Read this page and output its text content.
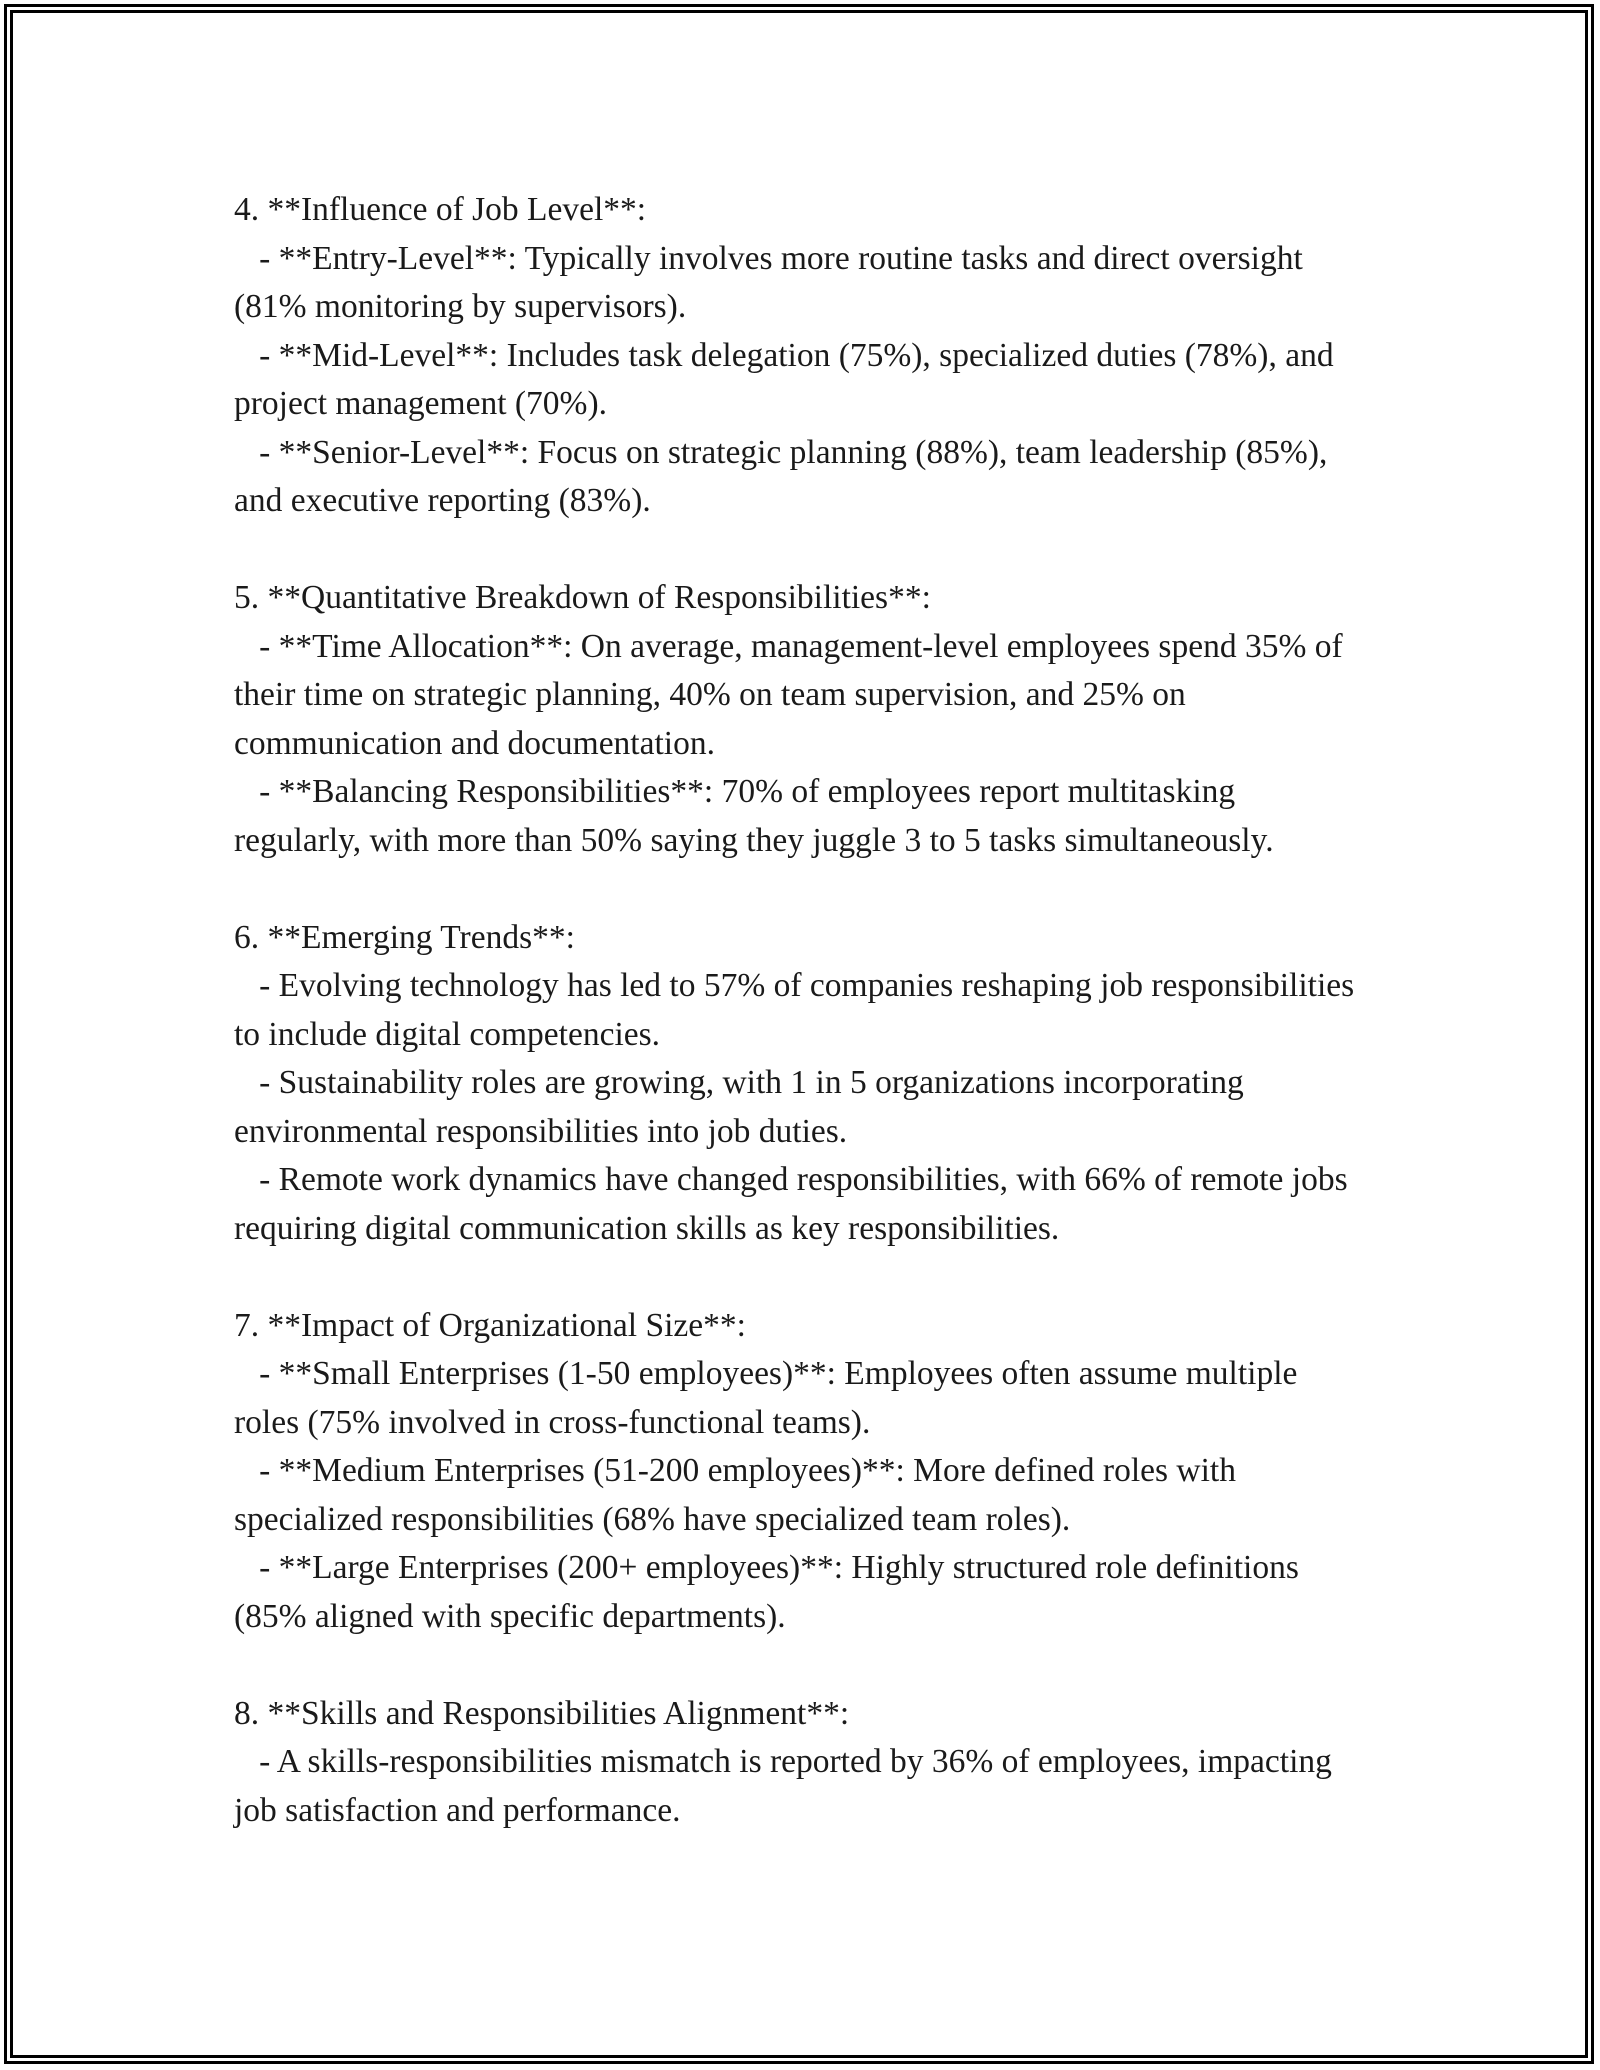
4. **Influence of Job Level**:
- **Entry-Level**: Typically involves more routine tasks and direct oversight (81% monitoring by supervisors).
- **Mid-Level**: Includes task delegation (75%), specialized duties (78%), and project management (70%).
- **Senior-Level**: Focus on strategic planning (88%), team leadership (85%), and executive reporting (83%).
5. **Quantitative Breakdown of Responsibilities**:
- **Time Allocation**: On average, management-level employees spend 35% of their time on strategic planning, 40% on team supervision, and 25% on communication and documentation.
- **Balancing Responsibilities**: 70% of employees report multitasking regularly, with more than 50% saying they juggle 3 to 5 tasks simultaneously.
6. **Emerging Trends**:
- Evolving technology has led to 57% of companies reshaping job responsibilities to include digital competencies.
- Sustainability roles are growing, with 1 in 5 organizations incorporating environmental responsibilities into job duties.
- Remote work dynamics have changed responsibilities, with 66% of remote jobs requiring digital communication skills as key responsibilities.
7. **Impact of Organizational Size**:
- **Small Enterprises (1-50 employees)**: Employees often assume multiple roles (75% involved in cross-functional teams).
- **Medium Enterprises (51-200 employees)**: More defined roles with specialized responsibilities (68% have specialized team roles).
- **Large Enterprises (200+ employees)**: Highly structured role definitions (85% aligned with specific departments).
8. **Skills and Responsibilities Alignment**:
- A skills-responsibilities mismatch is reported by 36% of employees, impacting job satisfaction and performance.
